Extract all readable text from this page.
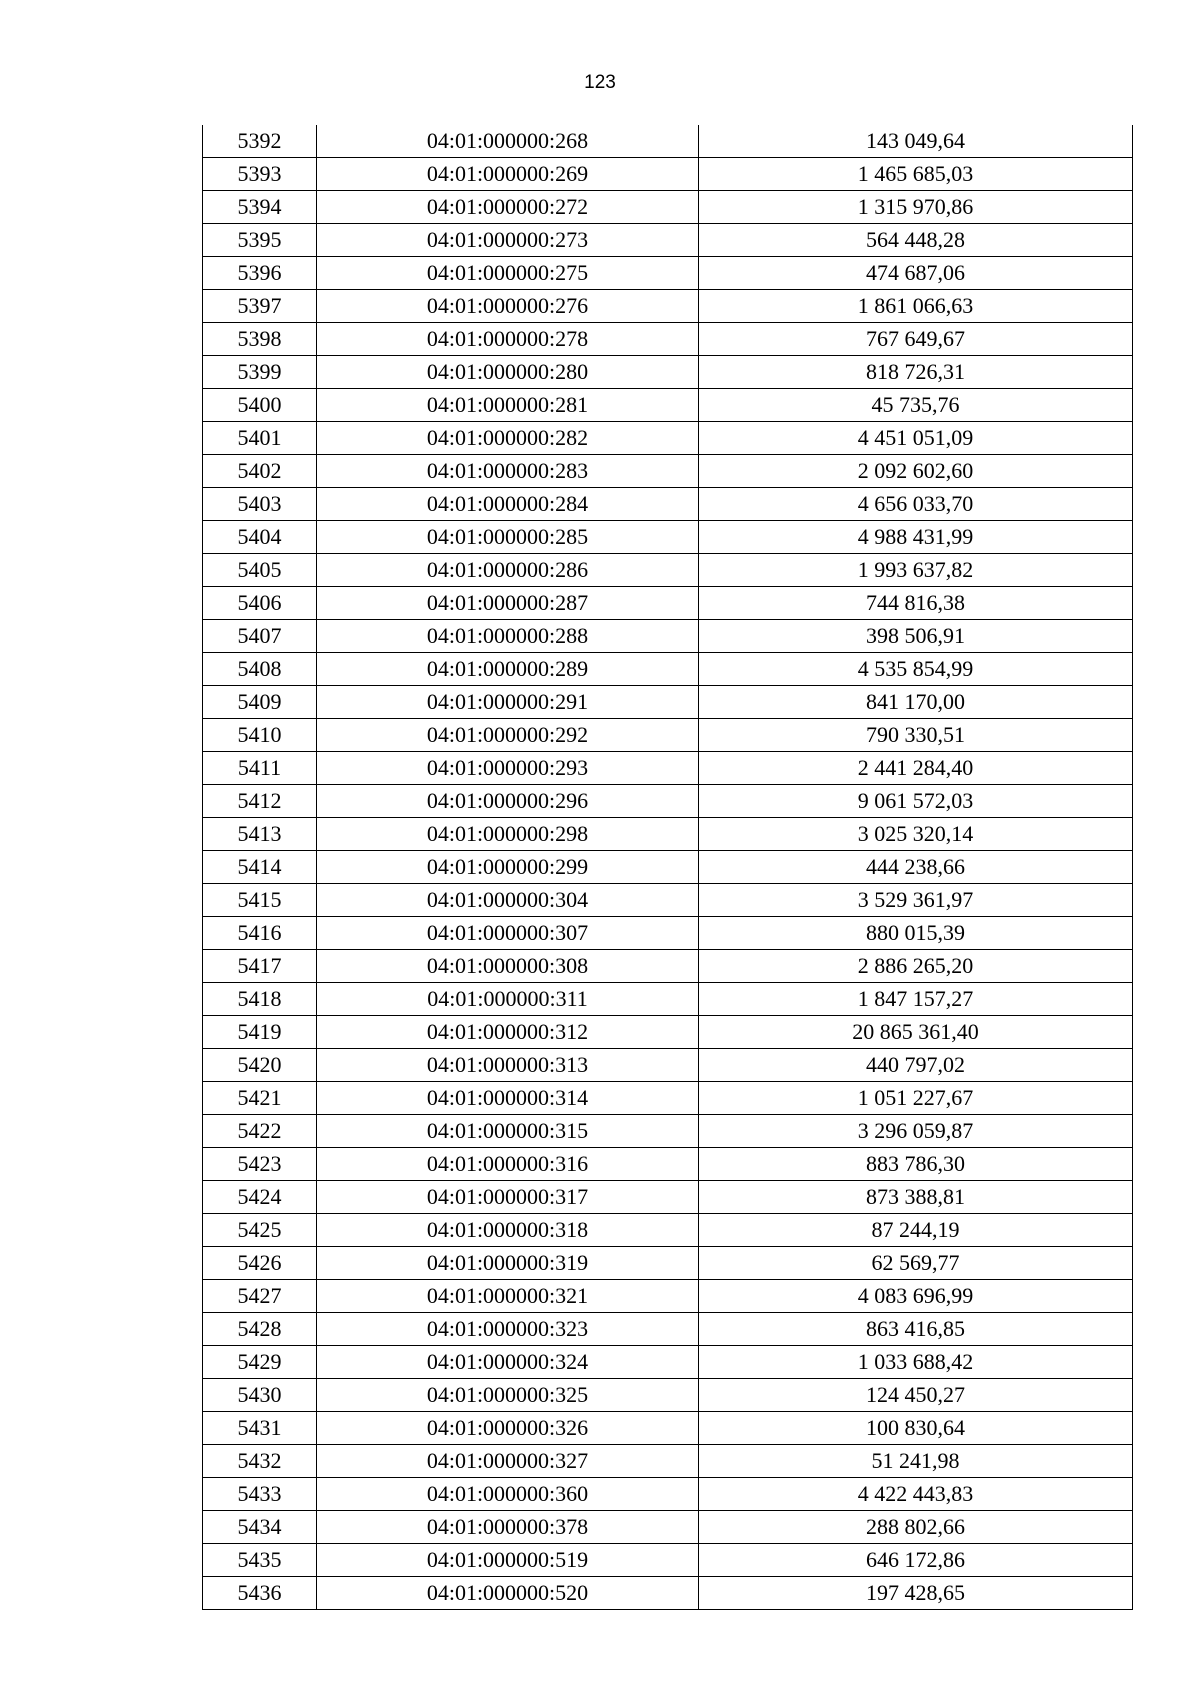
123
5392	04:01:000000:268	143 049,64
5393	04:01:000000:269	1 465 685,03
5394	04:01:000000:272	1 315 970,86
5395	04:01:000000:273	564 448,28
5396	04:01:000000:275	474 687,06
5397	04:01:000000:276	1 861 066,63
5398	04:01:000000:278	767 649,67
5399	04:01:000000:280	818 726,31
5400	04:01:000000:281	45 735,76
5401	04:01:000000:282	4 451 051,09
5402	04:01:000000:283	2 092 602,60
5403	04:01:000000:284	4 656 033,70
5404	04:01:000000:285	4 988 431,99
5405	04:01:000000:286	1 993 637,82
5406	04:01:000000:287	744 816,38
5407	04:01:000000:288	398 506,91
5408	04:01:000000:289	4 535 854,99
5409	04:01:000000:291	841 170,00
5410	04:01:000000:292	790 330,51
5411	04:01:000000:293	2 441 284,40
5412	04:01:000000:296	9 061 572,03
5413	04:01:000000:298	3 025 320,14
5414	04:01:000000:299	444 238,66
5415	04:01:000000:304	3 529 361,97
5416	04:01:000000:307	880 015,39
5417	04:01:000000:308	2 886 265,20
5418	04:01:000000:311	1 847 157,27
5419	04:01:000000:312	20 865 361,40
5420	04:01:000000:313	440 797,02
5421	04:01:000000:314	1 051 227,67
5422	04:01:000000:315	3 296 059,87
5423	04:01:000000:316	883 786,30
5424	04:01:000000:317	873 388,81
5425	04:01:000000:318	87 244,19
5426	04:01:000000:319	62 569,77
5427	04:01:000000:321	4 083 696,99
5428	04:01:000000:323	863 416,85
5429	04:01:000000:324	1 033 688,42
5430	04:01:000000:325	124 450,27
5431	04:01:000000:326	100 830,64
5432	04:01:000000:327	51 241,98
5433	04:01:000000:360	4 422 443,83
5434	04:01:000000:378	288 802,66
5435	04:01:000000:519	646 172,86
5436	04:01:000000:520	197 428,65
